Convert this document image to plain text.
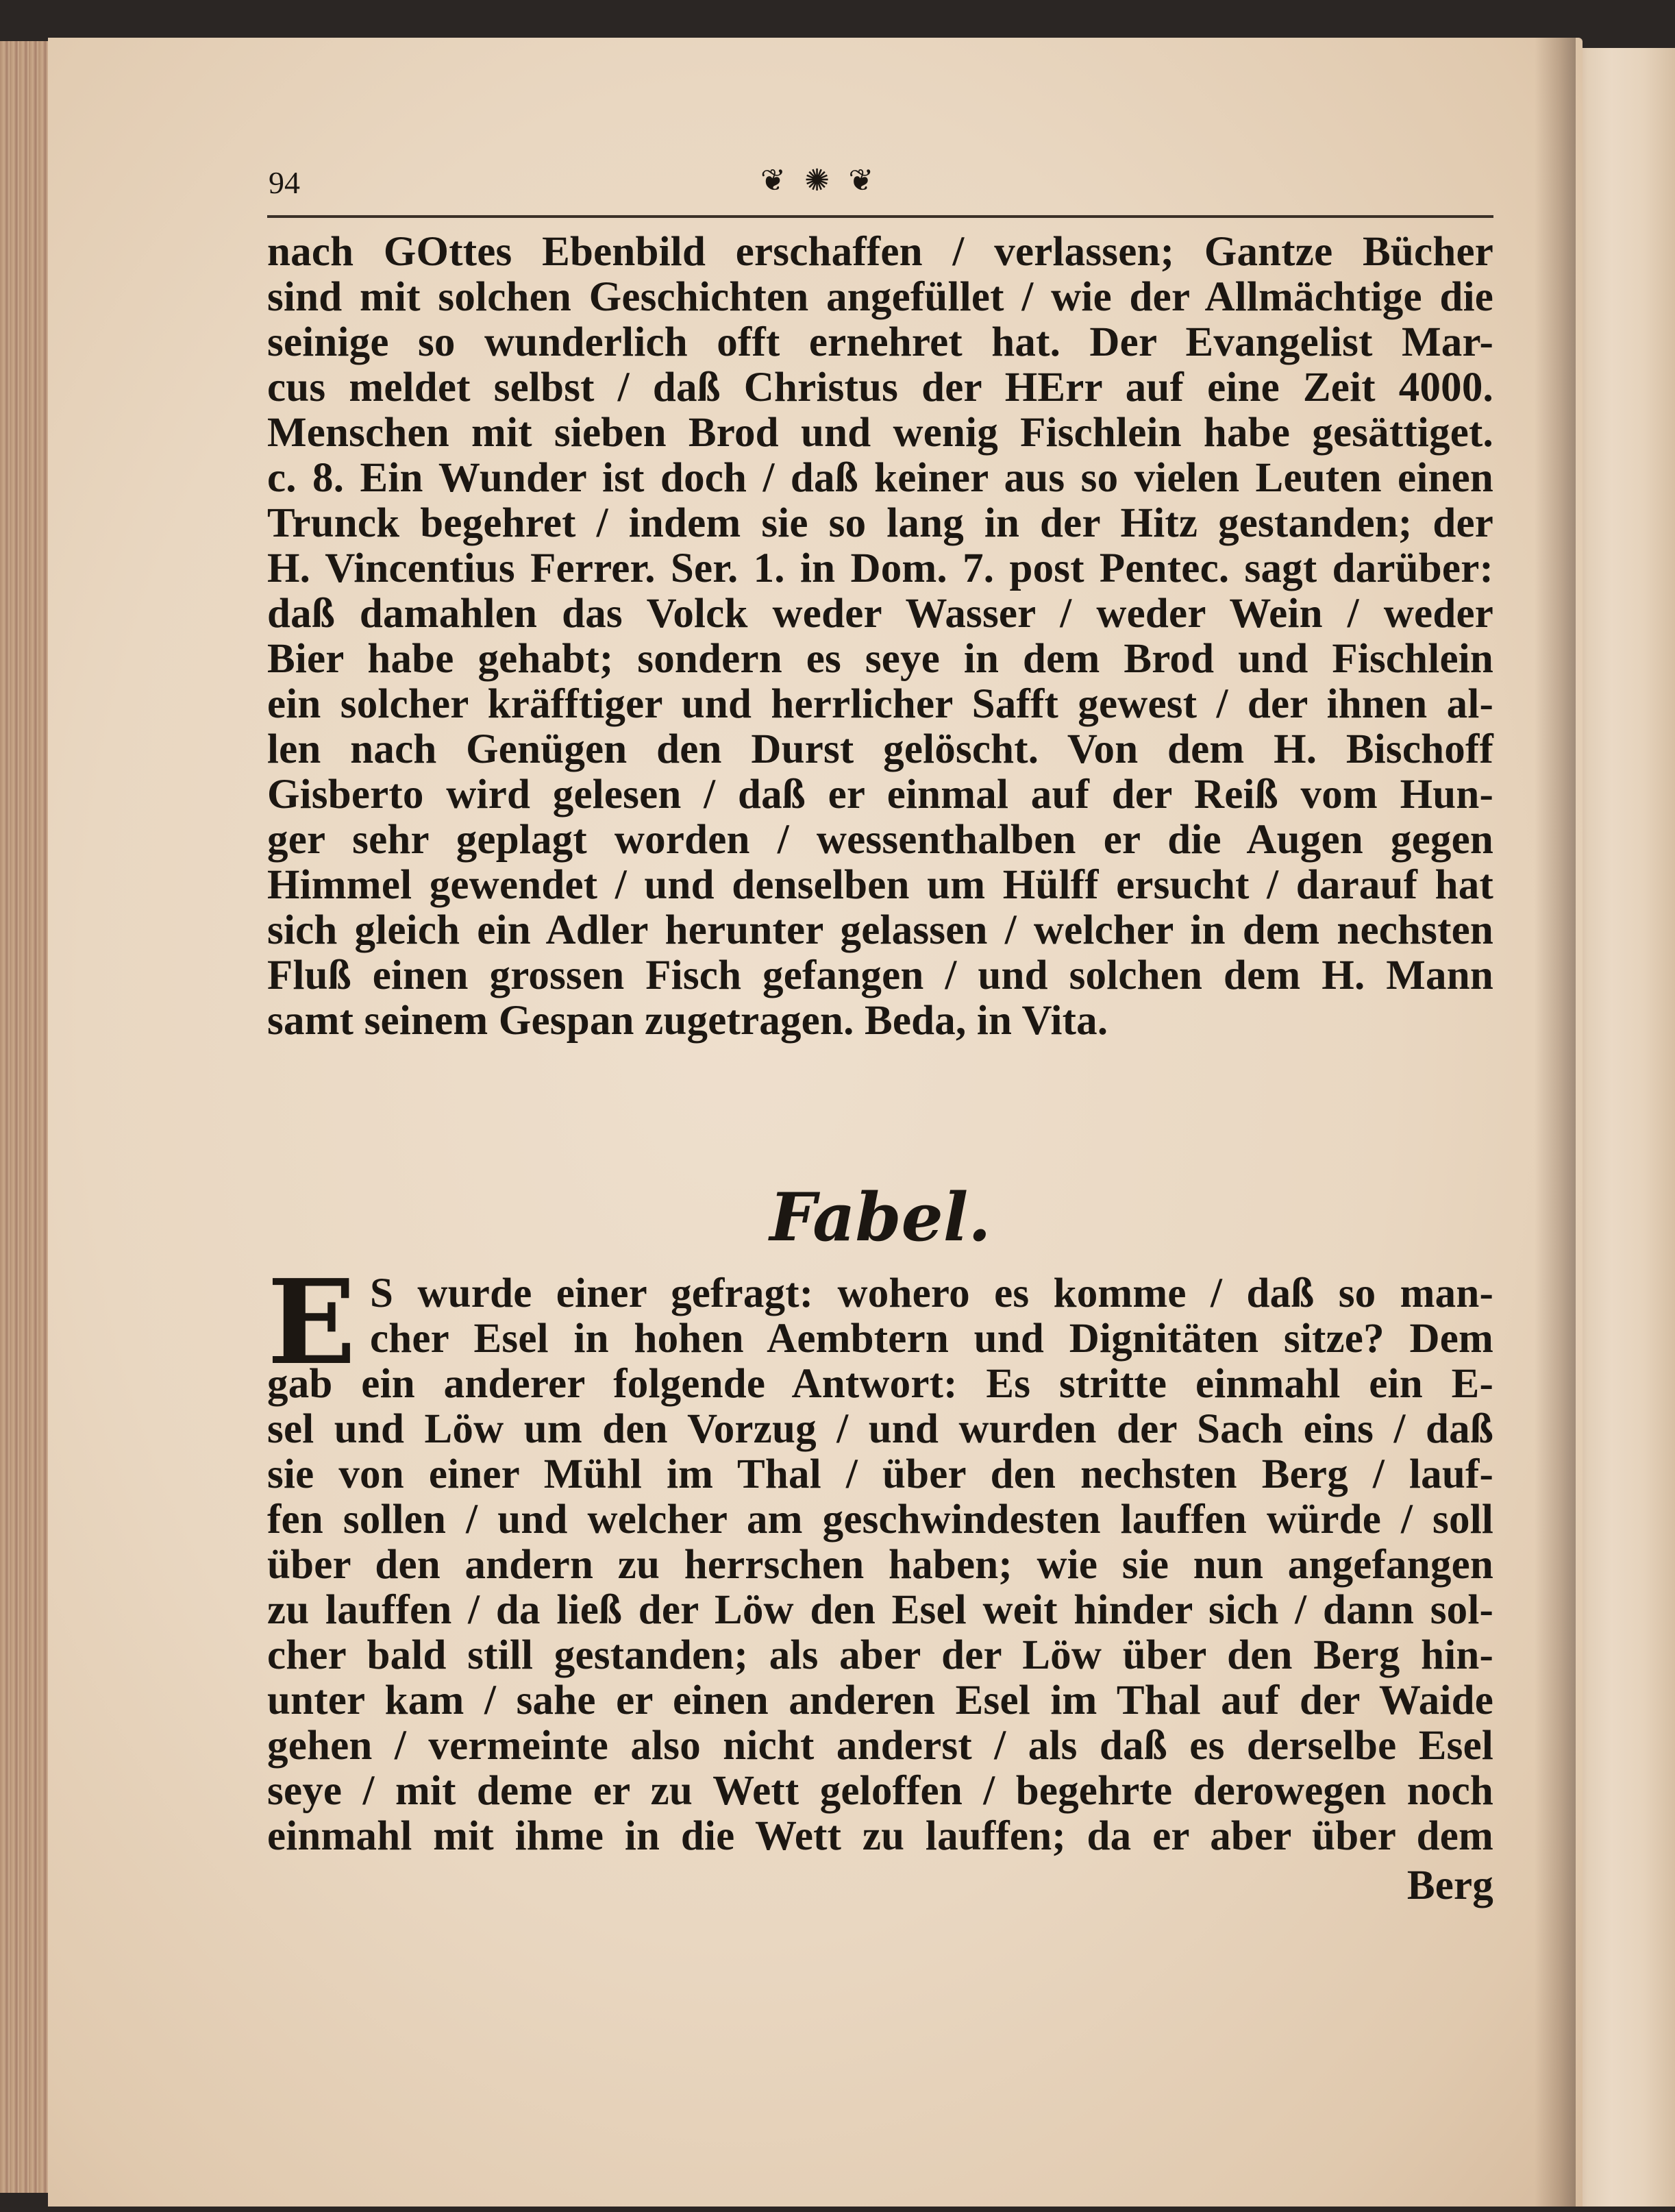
94	❦ ✺ ❦
nach GOttes Ebenbild erschaffen / verlassen; Gantze Bücher
sind mit solchen Geschichten angefüllet / wie der Allmächtige die
seinige so wunderlich offt ernehret hat. Der Evangelist Mar-
cus meldet selbst / daß Christus der HErr auf eine Zeit 4000.
Menschen mit sieben Brod und wenig Fischlein habe gesättiget.
c. 8. Ein Wunder ist doch / daß keiner aus so vielen Leuten einen
Trunck begehret / indem sie so lang in der Hitz gestanden; der
H. Vincentius Ferrer. Ser. 1. in Dom. 7. post Pentec. sagt darüber:
daß damahlen das Volck weder Wasser / weder Wein / weder
Bier habe gehabt; sondern es seye in dem Brod und Fischlein
ein solcher kräfftiger und herrlicher Safft gewest / der ihnen al-
len nach Genügen den Durst gelöscht. Von dem H. Bischoff
Gisberto wird gelesen / daß er einmal auf der Reiß vom Hun-
ger sehr geplagt worden / wessenthalben er die Augen gegen
Himmel gewendet / und denselben um Hülff ersucht / darauf hat
sich gleich ein Adler herunter gelassen / welcher in dem nechsten
Fluß einen grossen Fisch gefangen / und solchen dem H. Mann
samt seinem Gespan zugetragen. Beda, in Vita.
Fabel.
E S wurde einer gefragt: wohero es komme / daß so man-
cher Esel in hohen Aembtern und Dignitäten sitze? Dem
gab ein anderer folgende Antwort: Es stritte einmahl ein E-
sel und Löw um den Vorzug / und wurden der Sach eins / daß
sie von einer Mühl im Thal / über den nechsten Berg / lauf-
fen sollen / und welcher am geschwindesten lauffen würde / soll
über den andern zu herrschen haben; wie sie nun angefangen
zu lauffen / da ließ der Löw den Esel weit hinder sich / dann sol-
cher bald still gestanden; als aber der Löw über den Berg hin-
unter kam / sahe er einen anderen Esel im Thal auf der Waide
gehen / vermeinte also nicht anderst / als daß es derselbe Esel
seye / mit deme er zu Wett geloffen / begehrte derowegen noch
einmahl mit ihme in die Wett zu lauffen; da er aber über dem
Berg
